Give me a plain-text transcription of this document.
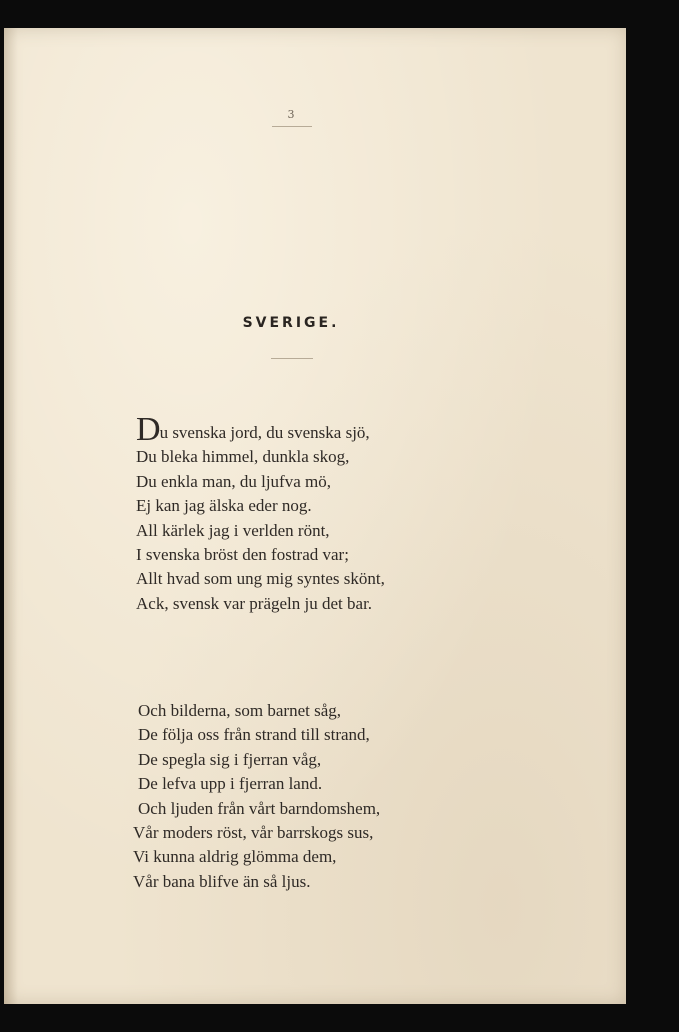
3
SVERIGE.
Du svenska jord, du svenska sjö,
Du bleka himmel, dunkla skog,
Du enkla man, du ljufva mö,
Ej kan jag älska eder nog.
All kärlek jag i verlden rönt,
I svenska bröst den fostrad var;
Allt hvad som ung mig syntes skönt,
Ack, svensk var prägeln ju det bar.
Och bilderna, som barnet såg,
De följa oss från strand till strand,
De spegla sig i fjerran våg,
De lefva upp i fjerran land.
Och ljuden från vårt barndomshem,
Vår moders röst, vår barrskogs sus,
Vi kunna aldrig glömma dem,
Vår bana blifve än så ljus.
